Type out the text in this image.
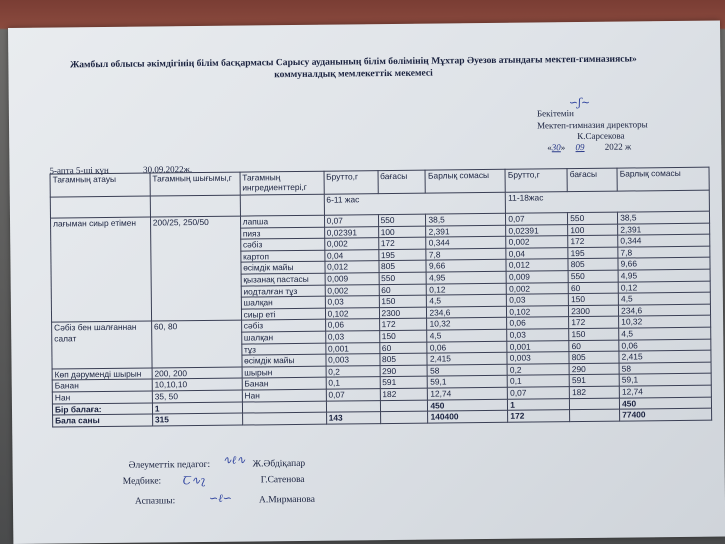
Жамбыл облысы әкімдігінің білім басқармасы Сарысу ауданының білім бөлімінің Мұхтар Әуезов атындағы мектеп-гимназиясы»
коммуналдық мемлекеттік мекемесі
Бекітемін
Мектеп-гимназия директоры
К.Сарсекова
«30» 09 2022 ж
∽ʃ∼
5-апта 5-ші күн	30.09.2022ж.
Тағамның атауы	Тағамның шығымы,г	Тағамның ингредиенттері,г	Брутто,г	бағасы	Барлық сомасы	Брутто,г	бағасы	Барлық сомасы
			6-11 жас			11-18жас		
лағыман сиыр етімен	200/25, 250/50	лапша	0,07	550	38,5	0,07	550	38,5
		пияз	0,02391	100	2,391	0,02391	100	2,391
		сәбіз	0,002	172	0,344	0,002	172	0,344
		картоп	0,04	195	7,8	0,04	195	7,8
		өсімдік майы	0,012	805	9,66	0,012	805	9,66
		қызанақ пастасы	0,009	550	4,95	0,009	550	4,95
		иодталған тұз	0,002	60	0,12	0,002	60	0,12
		шалқан	0,03	150	4,5	0,03	150	4,5
		сиыр еті	0,102	2300	234,6	0,102	2300	234,6
Сәбіз бен шалғаннан салат	60, 80	сәбіз	0,06	172	10,32	0,06	172	10,32
		шалқан	0,03	150	4,5	0,03	150	4,5
		тұз	0,001	60	0,06	0,001	60	0,06
		өсімдік майы	0,003	805	2,415	0,003	805	2,415
Көп дәруменді шырын	200, 200	шырын	0,2	290	58	0,2	290	58
Банан	10,10,10	Банан	0,1	591	59,1	0,1	591	59,1
Нан	35, 50	Нан	0,07	182	12,74	0,07	182	12,74
Бір балаға:	1				450	1		450
Бала саны	315		143		140400	172		77400
Әлеуметтік педагог:	Ж.Әбдіқапар
Медбике:	Г.Сатенова
Аспазшы:	А.Мирманова
∿ℓ∿
Ꞇ∿ʅ
∽ℓ∽
